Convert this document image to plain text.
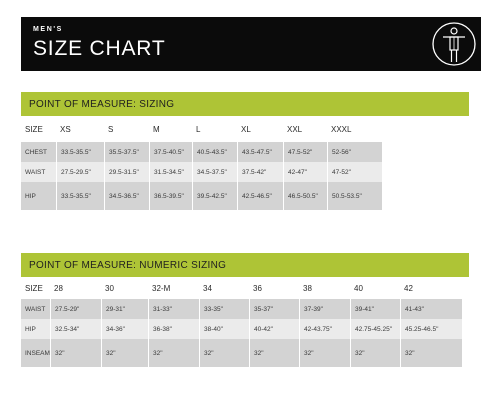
MEN'S
SIZE CHART
POINT OF MEASURE: SIZING
SIZE	XS	S	M	L	XL	XXL	XXXL
CHEST	33.5-35.5"	35.5-37.5"	37.5-40.5"	40.5-43.5"	43.5-47.5"	47.5-52"	52-56"
WAIST	27.5-29.5"	29.5-31.5"	31.5-34.5"	34.5-37.5"	37.5-42"	42-47"	47-52"
HIP	33.5-35.5"	34.5-36.5"	36.5-39.5"	39.5-42.5"	42.5-46.5"	46.5-50.5"	50.5-53.5"
POINT OF MEASURE: NUMERIC SIZING
SIZE	28	30	32-M	34	36	38	40	42
WAIST	27.5-29"	29-31"	31-33"	33-35"	35-37"	37-39"	39-41"	41-43"
HIP	32.5-34"	34-36"	36-38"	38-40"	40-42"	42-43.75"	42.75-45.25"	45.25-46.5"
INSEAM 32"	32"	32"	32"	32"	32"	32"	32"
